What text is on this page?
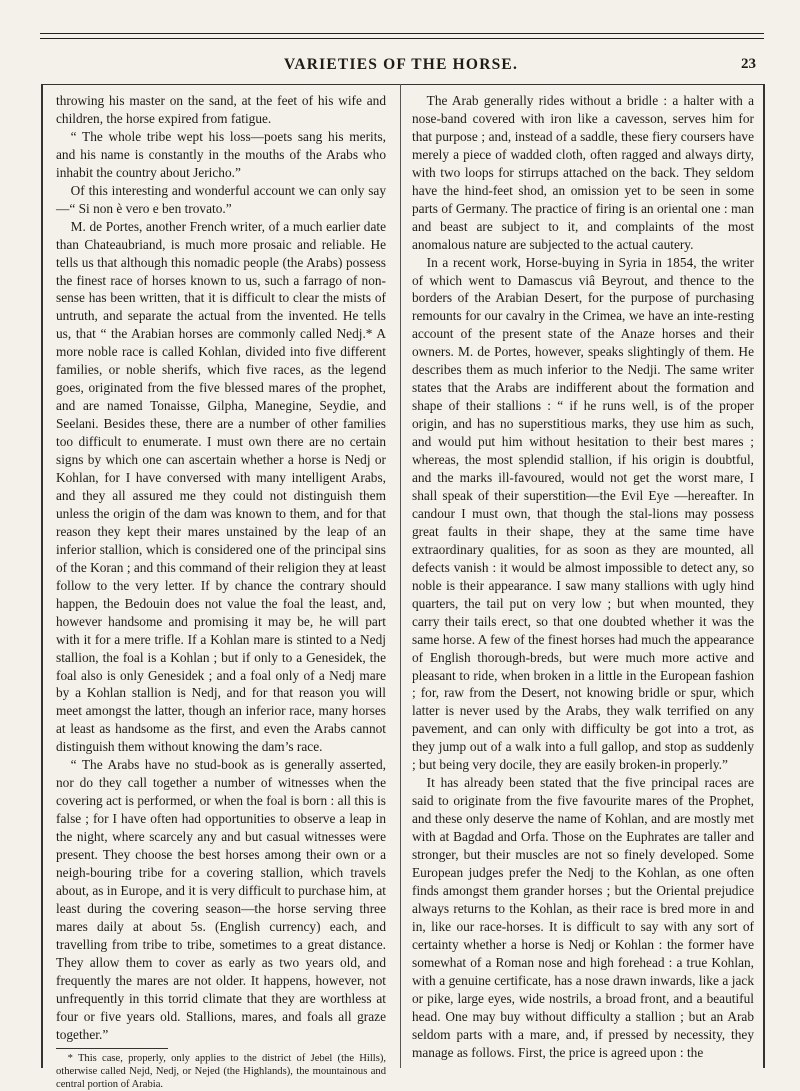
VARIETIES OF THE HORSE.	23

throwing his master on the sand, at the feet of his wife and children, the horse expired from fatigue.

“ The whole tribe wept his loss—poets sang his merits, and his name is constantly in the mouths of the Arabs who inhabit the country about Jericho.”

Of this interesting and wonderful account we can only say —“ Si non è vero e ben trovato.”

M. de Portes, another French writer, of a much earlier date than Chateaubriand, is much more prosaic and reliable. He tells us that although this nomadic people (the Arabs) possess the finest race of horses known to us, such a farrago of non-sense has been written, that it is difficult to clear the mists of untruth, and separate the actual from the invented. He tells us, that “ the Arabian horses are commonly called Nedj.* A more noble race is called Kohlan, divided into five different families, or noble sherifs, which five races, as the legend goes, originated from the five blessed mares of the prophet, and are named Tonaisse, Gilpha, Manegine, Seydie, and Seelani. Besides these, there are a number of other families too difficult to enumerate. I must own there are no certain signs by which one can ascertain whether a horse is Nedj or Kohlan, for I have conversed with many intelligent Arabs, and they all assured me they could not distinguish them unless the origin of the dam was known to them, and for that reason they kept their mares unstained by the leap of an inferior stallion, which is considered one of the principal sins of the Koran ; and this command of their religion they at least follow to the very letter. If by chance the contrary should happen, the Bedouin does not value the foal the least, and, however handsome and promising it may be, he will part with it for a mere trifle. If a Kohlan mare is stinted to a Nedj stallion, the foal is a Kohlan ; but if only to a Genesidek, the foal also is only Genesidek ; and a foal only of a Nedj mare by a Kohlan stallion is Nedj, and for that reason you will meet amongst the latter, though an inferior race, many horses at least as handsome as the first, and even the Arabs cannot distinguish them without knowing the dam’s race.

“ The Arabs have no stud-book as is generally asserted, nor do they call together a number of witnesses when the covering act is performed, or when the foal is born : all this is false ; for I have often had opportunities to observe a leap in the night, where scarcely any and but casual witnesses were present. They choose the best horses among their own or a neigh-bouring tribe for a covering stallion, which travels about, as in Europe, and it is very difficult to purchase him, at least during the covering season—the horse serving three mares daily at about 5s. (English currency) each, and travelling from tribe to tribe, sometimes to a great distance. They allow them to cover as early as two years old, and frequently the mares are not older. It happens, however, not unfrequently in this torrid climate that they are worthless at four or five years old. Stallions, mares, and foals all graze together.”

* This case, properly, only applies to the district of Jebel (the Hills), otherwise called Nejd, Nedj, or Nejed (the Highlands), the mountainous and central portion of Arabia.

The Arab generally rides without a bridle : a halter with a nose-band covered with iron like a cavesson, serves him for that purpose ; and, instead of a saddle, these fiery coursers have merely a piece of wadded cloth, often ragged and always dirty, with two loops for stirrups attached on the back. They seldom have the hind-feet shod, an omission yet to be seen in some parts of Germany. The practice of firing is an oriental one : man and beast are subject to it, and complaints of the most anomalous nature are subjected to the actual cautery.

In a recent work, Horse-buying in Syria in 1854, the writer of which went to Damascus viâ Beyrout, and thence to the borders of the Arabian Desert, for the purpose of purchasing remounts for our cavalry in the Crimea, we have an inte-resting account of the present state of the Anaze horses and their owners. M. de Portes, however, speaks slightingly of them. He describes them as much inferior to the Nedji. The same writer states that the Arabs are indifferent about the formation and shape of their stallions : “ if he runs well, is of the proper origin, and has no superstitious marks, they use him as such, and would put him without hesitation to their best mares ; whereas, the most splendid stallion, if his origin is doubtful, and the marks ill-favoured, would not get the worst mare, I shall speak of their superstition—the Evil Eye —hereafter. In candour I must own, that though the stal-lions may possess great faults in their shape, they at the same time have extraordinary qualities, for as soon as they are mounted, all defects vanish : it would be almost impossible to detect any, so noble is their appearance. I saw many stallions with ugly hind quarters, the tail put on very low ; but when mounted, they carry their tails erect, so that one doubted whether it was the same horse. A few of the finest horses had much the appearance of English thorough-breds, but were much more active and pleasant to ride, when broken in a little in the European fashion ; for, raw from the Desert, not knowing bridle or spur, which latter is never used by the Arabs, they walk terrified on any pavement, and can only with difficulty be got into a trot, as they jump out of a walk into a full gallop, and stop as suddenly ; but being very docile, they are easily broken-in properly.”

It has already been stated that the five principal races are said to originate from the five favourite mares of the Prophet, and these only deserve the name of Kohlan, and are mostly met with at Bagdad and Orfa. Those on the Euphrates are taller and stronger, but their muscles are not so finely developed. Some European judges prefer the Nedj to the Kohlan, as one often finds amongst them grander horses ; but the Oriental prejudice always returns to the Kohlan, as their race is bred more in and in, like our race-horses. It is difficult to say with any sort of certainty whether a horse is Nedj or Kohlan : the former have somewhat of a Roman nose and high forehead : a true Kohlan, with a genuine certificate, has a nose drawn inwards, like a jack or pike, large eyes, wide nostrils, a broad front, and a beautiful head. One may buy without difficulty a stallion ; but an Arab seldom parts with a mare, and, if pressed by necessity, they manage as follows. First, the price is agreed upon : the
